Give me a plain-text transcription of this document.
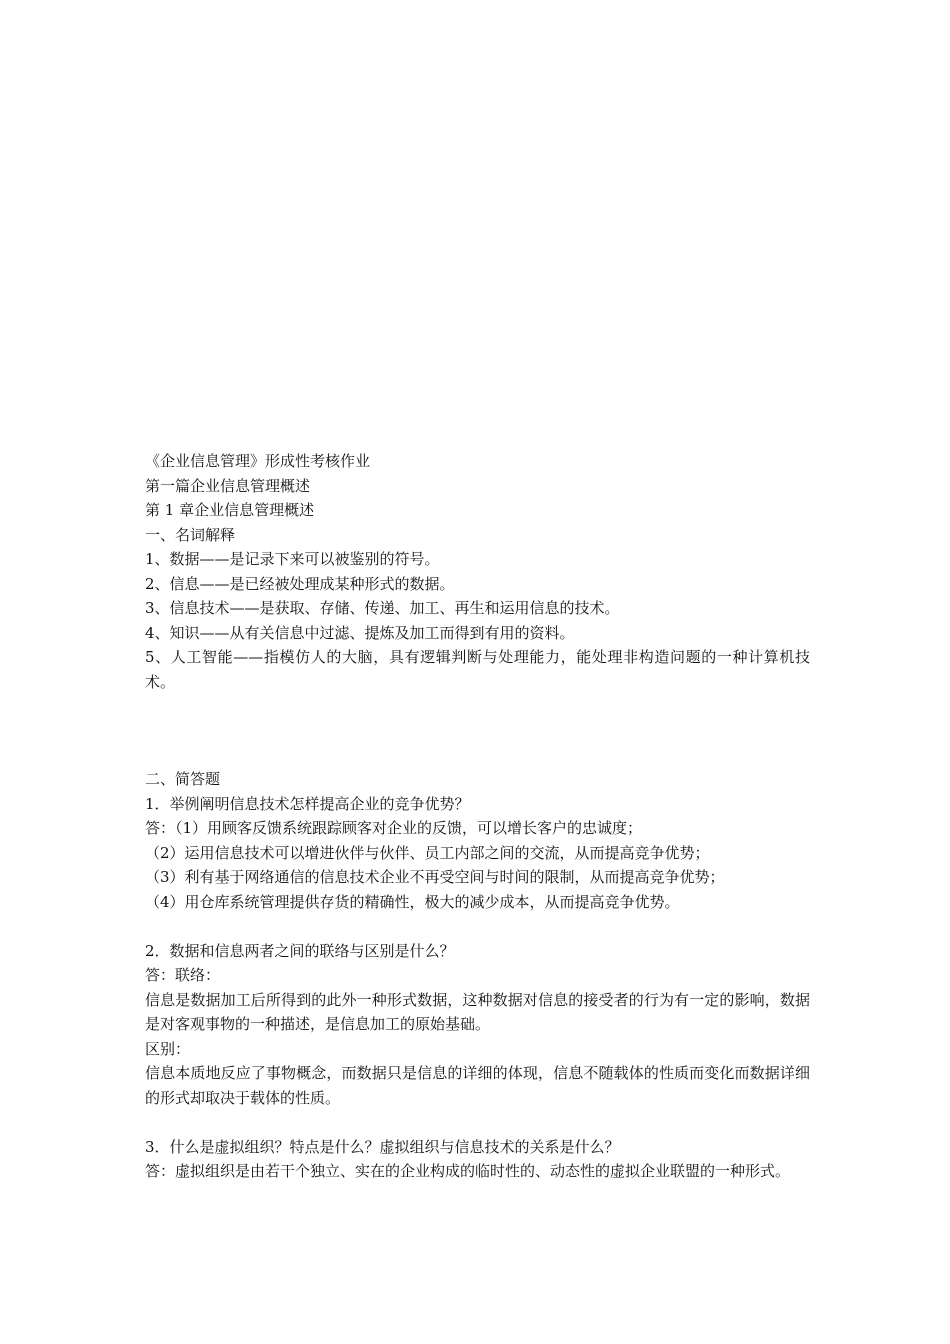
《企业信息管理》形成性考核作业
第一篇企业信息管理概述
第 1 章企业信息管理概述
一、名词解释
1、数据——是记录下来可以被鉴别的符号。
2、信息——是已经被处理成某种形式的数据。
3、信息技术——是获取、存储、传递、加工、再生和运用信息的技术。
4、知识——从有关信息中过滤、提炼及加工而得到有用的资料。

5、人工智能——指模仿人的大脑，具有逻辑判断与处理能力，能处理非构造问题的一种计算机技术。

二、简答题
1．举例阐明信息技术怎样提高企业的竞争优势？
答：（1）用顾客反馈系统跟踪顾客对企业的反馈，可以增长客户的忠诚度；
（2）运用信息技术可以增进伙伴与伙伴、员工内部之间的交流，从而提高竞争优势；
（3）利有基于网络通信的信息技术企业不再受空间与时间的限制，从而提高竞争优势；
（4）用仓库系统管理提供存货的精确性，极大的减少成本，从而提高竞争优势。
2．数据和信息两者之间的联络与区别是什么？
答：联络：

信息是数据加工后所得到的此外一种形式数据，这种数据对信息的接受者的行为有一定的影响，数据是对客观事物的一种描述，是信息加工的原始基础。

区别：

信息本质地反应了事物概念，而数据只是信息的详细的体现，信息不随载体的性质而变化而数据详细的形式却取决于载体的性质。

3．什么是虚拟组织？特点是什么？虚拟组织与信息技术的关系是什么？

答：虚拟组织是由若干个独立、实在的企业构成的临时性的、动态性的虚拟企业联盟的一种形式。
